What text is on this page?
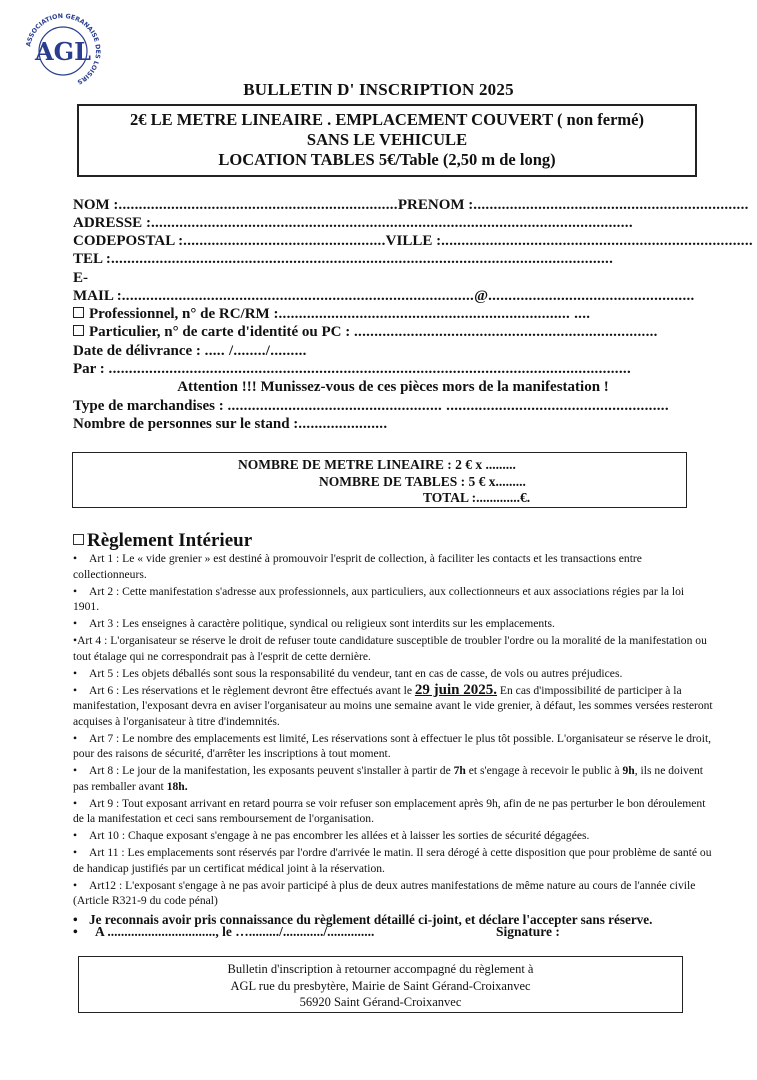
ASSOCIATION GERANAISE DES LOISIRS
AGL
BULLETIN D' INSCRIPTION 2025
2€ LE METRE LINEAIRE . EMPLACEMENT COUVERT ( non fermé)
SANS LE VEHICULE
LOCATION TABLES 5€/Table (2,50 m de long)
NOM :.....................................................................PRENOM :....................................................................
ADRESSE :.......................................................................................................................
CODEPOSTAL :..................................................VILLE :.............................................................................
TEL :............................................................................................................................
E-
MAIL :.......................................................................................@...................................................
Professionnel, n° de RC/RM :........................................................................ ....
Particulier, n° de carte d'identité ou PC : ...........................................................................
Date de délivrance : ..... /......../.........
Par : .................................................................................................................................
Attention !!! Munissez-vous de ces pièces mors de la manifestation !
Type de marchandises : ..................................................... .......................................................
Nombre de personnes sur le stand :......................
NOMBRE DE METRE LINEAIRE : 2 € x .........
NOMBRE DE TABLES : 5 € x.........
TOTAL :.............€.
Règlement Intérieur
• Art 1 : Le « vide grenier » est destiné à promouvoir l'esprit de collection, à faciliter les contacts et les transactions entre collectionneurs.
• Art 2 : Cette manifestation s'adresse aux professionnels, aux particuliers, aux collectionneurs et aux associations régies par la loi 1901.
• Art 3 : Les enseignes à caractère politique, syndical ou religieux sont interdits sur les emplacements.
•Art 4 : L'organisateur se réserve le droit de refuser toute candidature susceptible de troubler l'ordre ou la moralité de la manifestation ou tout étalage qui ne correspondrait pas à l'esprit de cette dernière.
• Art 5 : Les objets déballés sont sous la responsabilité du vendeur, tant en cas de casse, de vols ou autres préjudices.
• Art 6 : Les réservations et le règlement devront être effectués avant le 29 juin 2025. En cas d'impossibilité de participer à la manifestation, l'exposant devra en aviser l'organisateur au moins une semaine avant le vide grenier, à défaut, les sommes versées resteront acquises à l'organisateur à titre d'indemnités.
• Art 7 : Le nombre des emplacements est limité, Les réservations sont à effectuer le plus tôt possible. L'organisateur se réserve le droit, pour des raisons de sécurité, d'arrêter les inscriptions à tout moment.
• Art 8 : Le jour de la manifestation, les exposants peuvent s'installer à partir de 7h et s'engage à recevoir le public à 9h, ils ne doivent pas remballer avant 18h.
• Art 9 : Tout exposant arrivant en retard pourra se voir refuser son emplacement après 9h, afin de ne pas perturber le bon déroulement de la manifestation et ceci sans remboursement de l'organisation.
• Art 10 : Chaque exposant s'engage à ne pas encombrer les allées et à laisser les sorties de sécurité dégagées.
• Art 11 : Les emplacements sont réservés par l'ordre d'arrivée le matin. Il sera dérogé à cette disposition que pour problème de santé ou de handicap justifiés par un certificat médical joint à la réservation.
• Art12 : L'exposant s'engage à ne pas avoir participé à plus de deux autres manifestations de même nature au cours de l'année civile (Article R321-9 du code pénal)
• Je reconnais avoir pris connaissance du règlement détaillé ci-joint, et déclare l'accepter sans réserve.
• A ................................, le …........./............/..............	Signature :
Bulletin d'inscription à retourner accompagné du règlement à
AGL rue du presbytère, Mairie de Saint Gérand-Croixanvec
56920 Saint Gérand-Croixanvec
